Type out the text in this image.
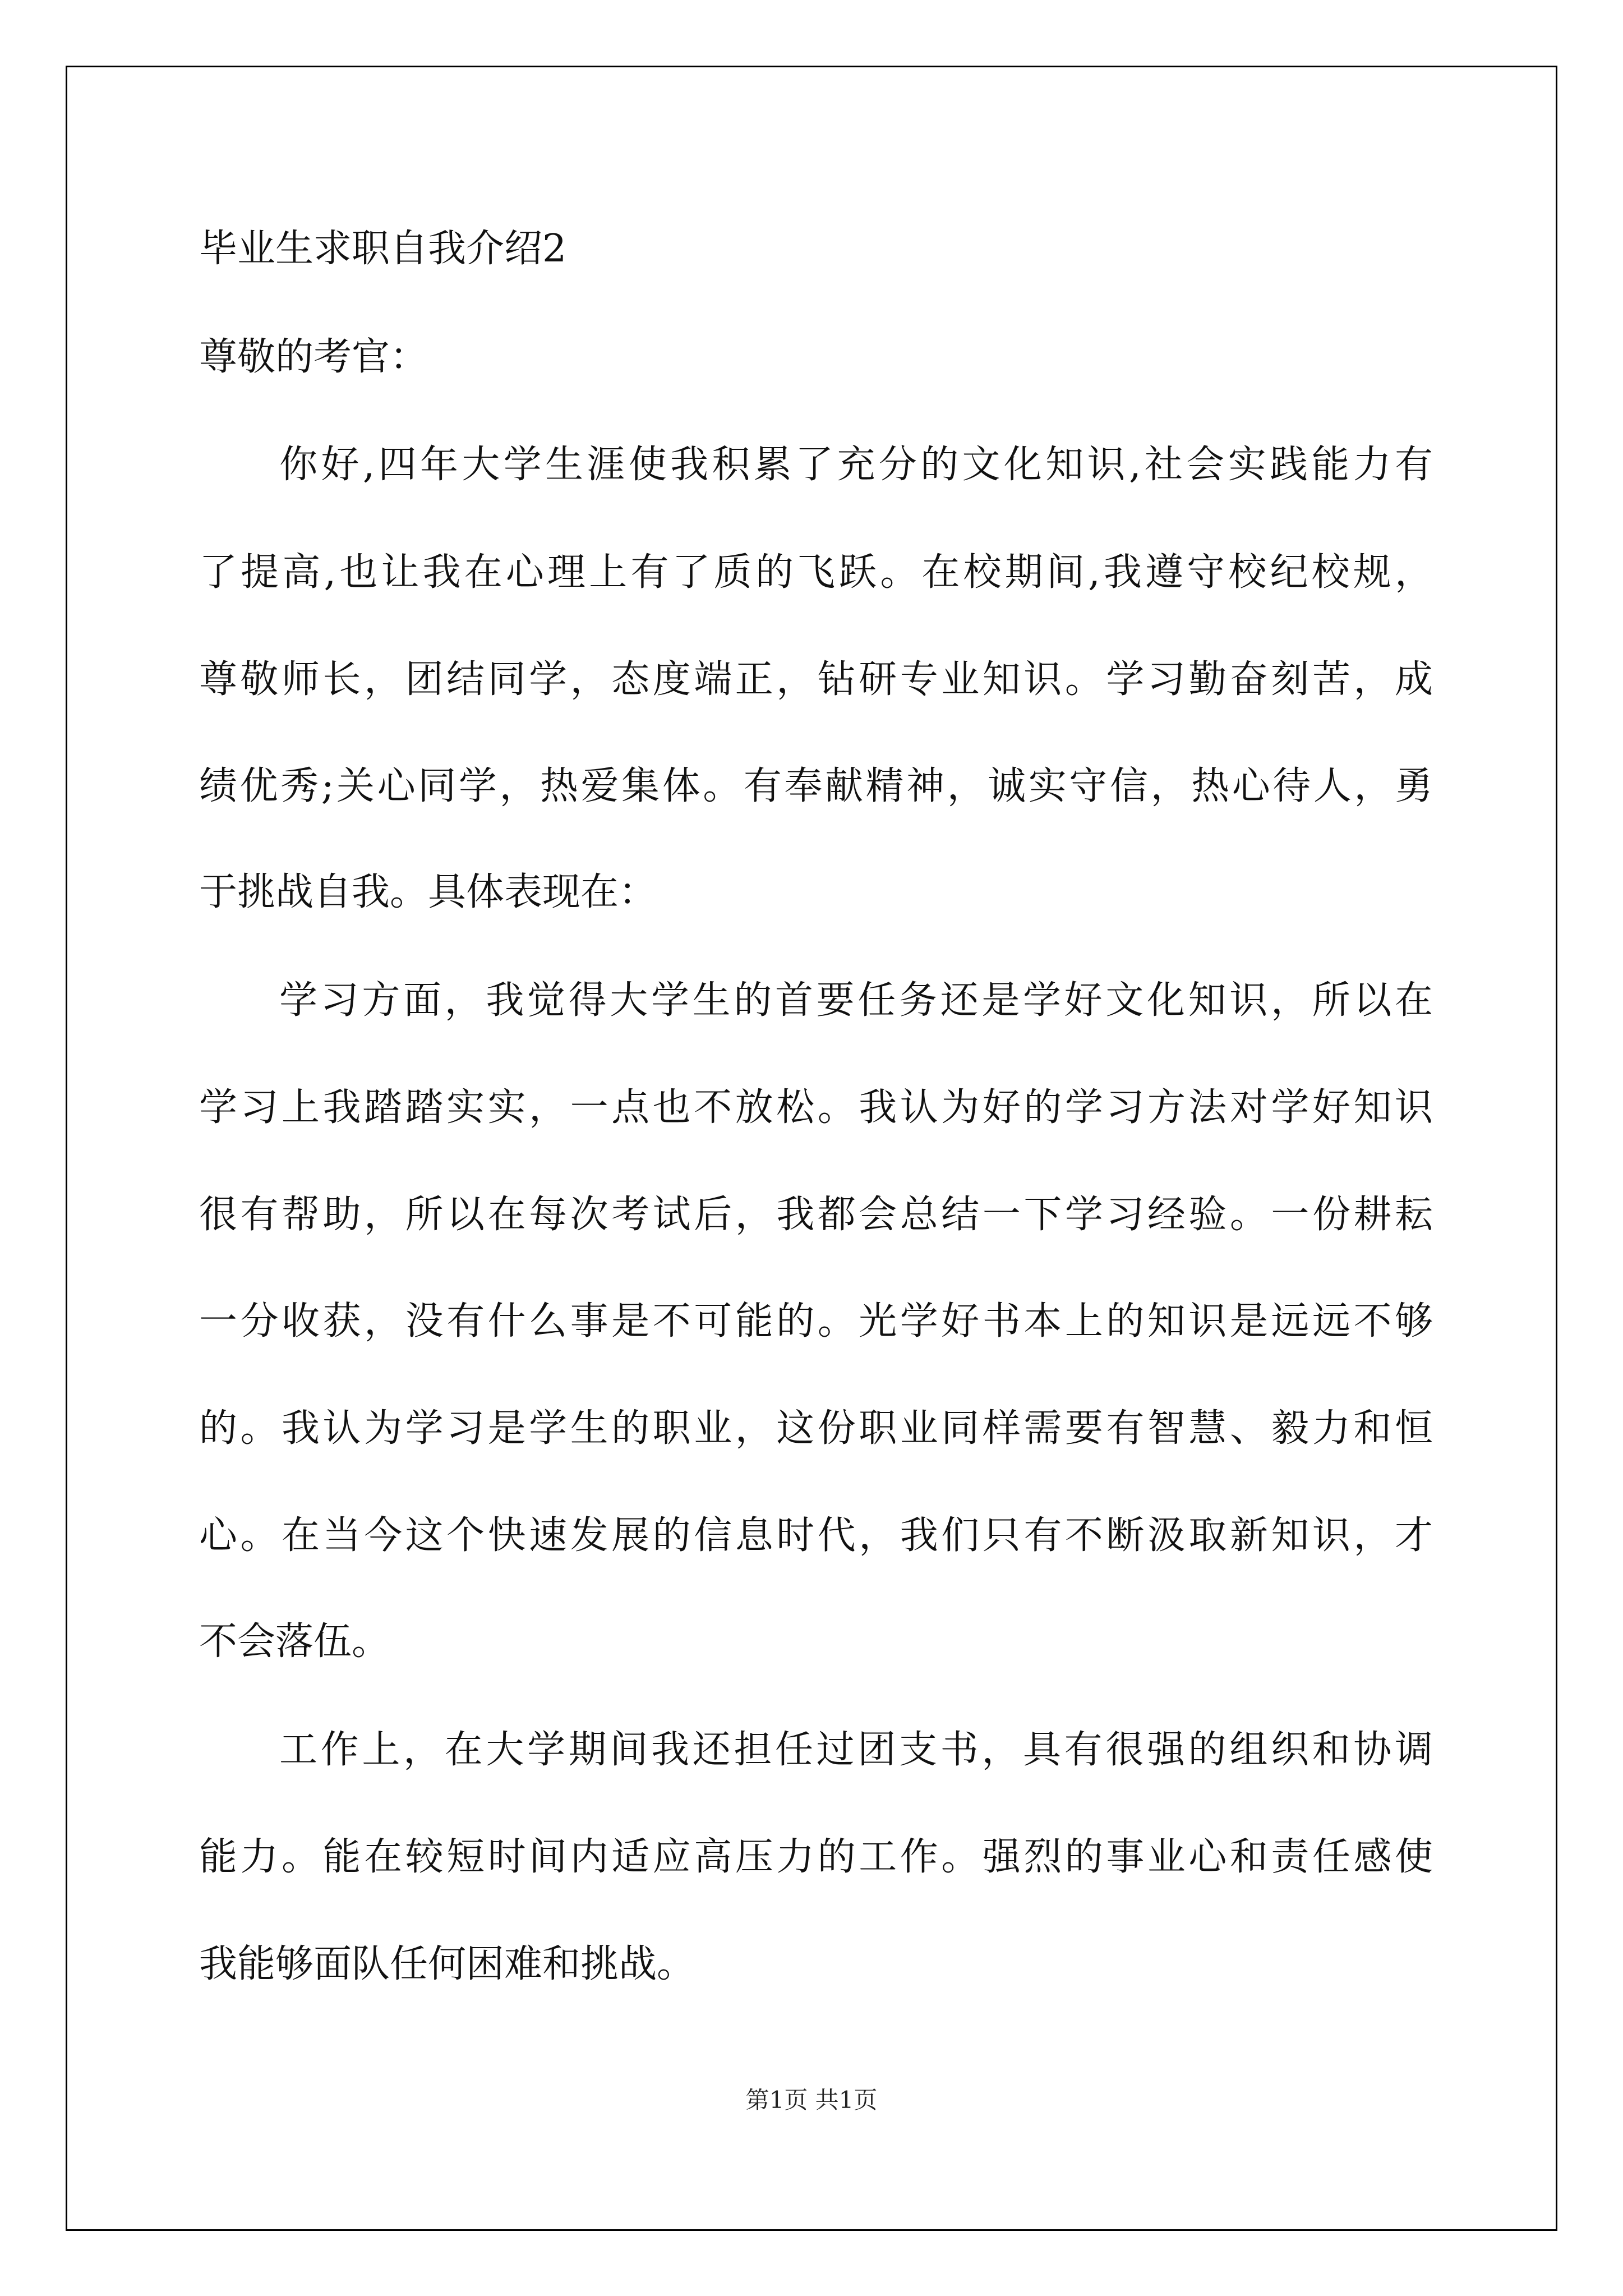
毕业生求职自我介绍2
尊敬的考官：
你好,四年大学生涯使我积累了充分的文化知识,社会实践能力有
了提高,也让我在心理上有了质的飞跃。在校期间,我遵守校纪校规，
尊敬师长，团结同学，态度端正，钻研专业知识。学习勤奋刻苦，成
绩优秀;关心同学，热爱集体。有奉献精神，诚实守信，热心待人，勇
于挑战自我。具体表现在：
学习方面，我觉得大学生的首要任务还是学好文化知识，所以在
学习上我踏踏实实，一点也不放松。我认为好的学习方法对学好知识
很有帮助，所以在每次考试后，我都会总结一下学习经验。一份耕耘
一分收获，没有什么事是不可能的。光学好书本上的知识是远远不够
的。我认为学习是学生的职业，这份职业同样需要有智慧、毅力和恒
心。在当今这个快速发展的信息时代，我们只有不断汲取新知识，才
不会落伍。
工作上，在大学期间我还担任过团支书，具有很强的组织和协调
能力。能在较短时间内适应高压力的工作。强烈的事业心和责任感使
我能够面队任何困难和挑战。
第1页 共1页
